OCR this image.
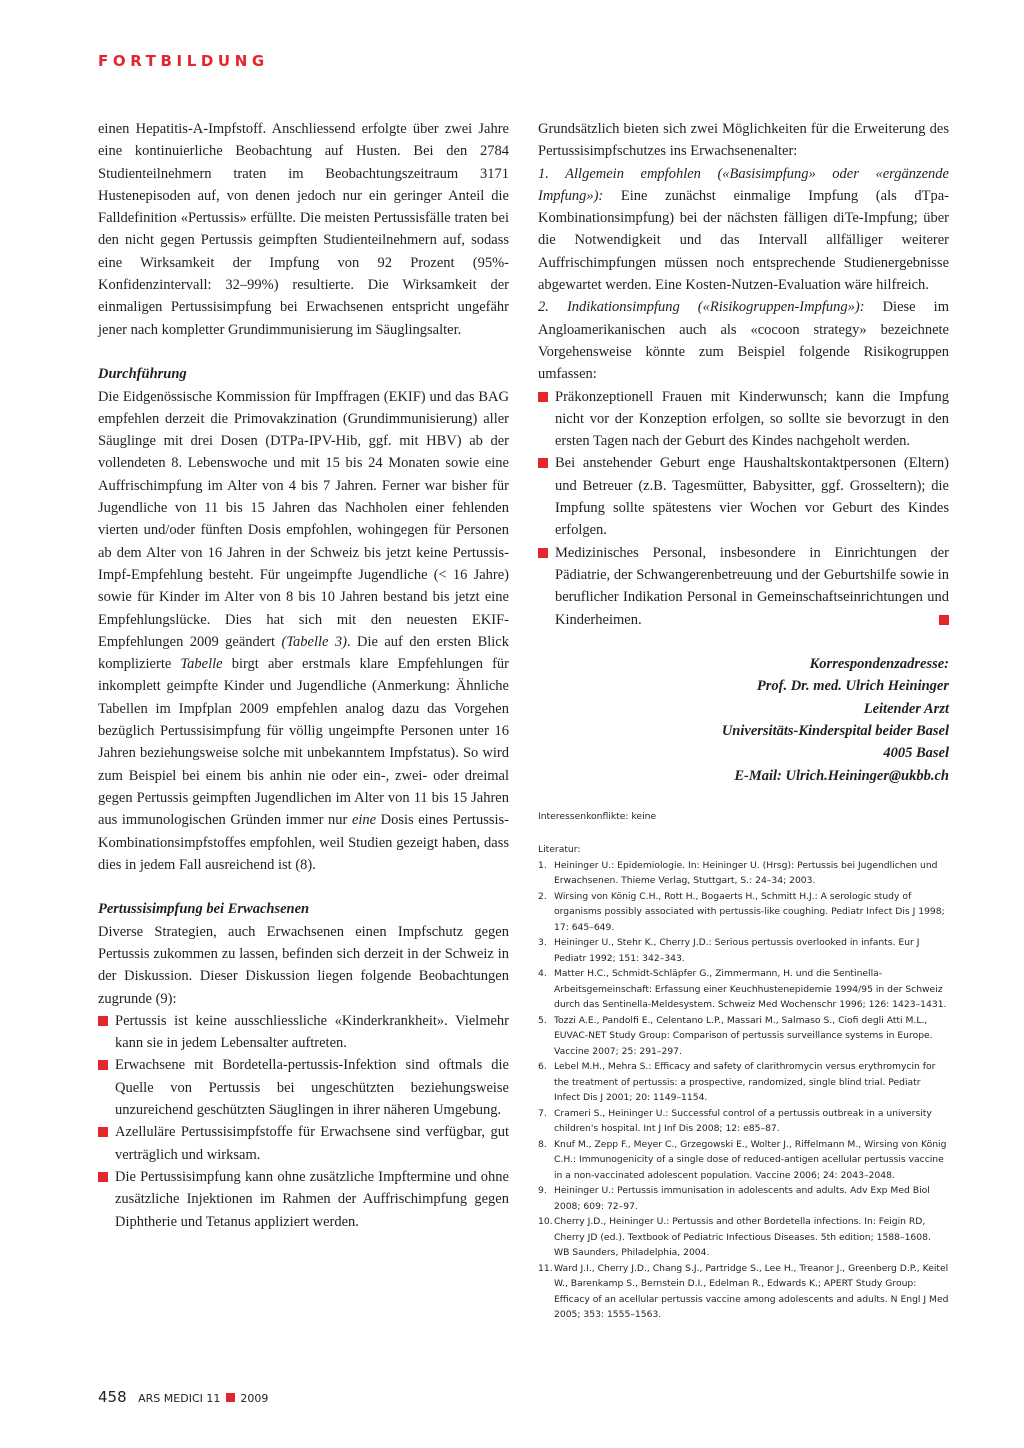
FORTBILDUNG

einen Hepatitis-A-Impfstoff. Anschliessend erfolgte über zwei Jahre eine kontinuierliche Beobachtung auf Husten. Bei den 2784 Studienteilnehmern traten im Beobachtungszeitraum 3171 Hustenepisoden auf, von denen jedoch nur ein geringer Anteil die Falldefinition «Pertussis» erfüllte. Die meisten Pertussisfälle traten bei den nicht gegen Pertussis geimpften Studienteilnehmern auf, sodass eine Wirksamkeit der Impfung von 92 Prozent (95%-Konfidenzintervall: 32–99%) resultierte. Die Wirksamkeit der einmaligen Pertussisimpfung bei Erwachsenen entspricht ungefähr jener nach kompletter Grundimmunisierung im Säuglingsalter.

Durchführung

Die Eidgenössische Kommission für Impffragen (EKIF) und das BAG empfehlen derzeit die Primovakzination (Grundimmunisierung) aller Säuglinge mit drei Dosen (DTPa-IPV-Hib, ggf. mit HBV) ab der vollendeten 8. Lebenswoche und mit 15 bis 24 Monaten sowie eine Auffrischimpfung im Alter von 4 bis 7 Jahren. Ferner war bisher für Jugendliche von 11 bis 15 Jahren das Nachholen einer fehlenden vierten und/oder fünften Dosis empfohlen, wohingegen für Personen ab dem Alter von 16 Jahren in der Schweiz bis jetzt keine Pertussis-Impf-Empfehlung besteht. Für ungeimpfte Jugendliche (< 16 Jahre) sowie für Kinder im Alter von 8 bis 10 Jahren bestand bis jetzt eine Empfehlungslücke. Dies hat sich mit den neuesten EKIF-Empfehlungen 2009 geändert (Tabelle 3). Die auf den ersten Blick komplizierte Tabelle birgt aber erstmals klare Empfehlungen für inkomplett geimpfte Kinder und Jugendliche (Anmerkung: Ähnliche Tabellen im Impfplan 2009 empfehlen analog dazu das Vorgehen bezüglich Pertussisimpfung für völlig ungeimpfte Personen unter 16 Jahren beziehungsweise solche mit unbekanntem Impfstatus). So wird zum Beispiel bei einem bis anhin nie oder ein-, zwei- oder dreimal gegen Pertussis geimpften Jugendlichen im Alter von 11 bis 15 Jahren aus immunologischen Gründen immer nur eine Dosis eines Pertussis-Kombinationsimpfstoffes empfohlen, weil Studien gezeigt haben, dass dies in jedem Fall ausreichend ist (8).

Pertussisimpfung bei Erwachsenen

Diverse Strategien, auch Erwachsenen einen Impfschutz gegen Pertussis zukommen zu lassen, befinden sich derzeit in der Schweiz in der Diskussion. Dieser Diskussion liegen folgende Beobachtungen zugrunde (9):

Pertussis ist keine ausschliessliche «Kinderkrankheit». Vielmehr kann sie in jedem Lebensalter auftreten.
Erwachsene mit Bordetella-pertussis-Infektion sind oftmals die Quelle von Pertussis bei ungeschützten beziehungsweise unzureichend geschützten Säuglingen in ihrer näheren Umgebung.
Azelluläre Pertussisimpfstoffe für Erwachsene sind verfügbar, gut verträglich und wirksam.
Die Pertussisimpfung kann ohne zusätzliche Impftermine und ohne zusätzliche Injektionen im Rahmen der Auffrischimpfung gegen Diphtherie und Tetanus appliziert werden.

Grundsätzlich bieten sich zwei Möglichkeiten für die Erweiterung des Pertussisimpfschutzes ins Erwachsenenalter:

1. Allgemein empfohlen («Basisimpfung» oder «ergänzende Impfung»): Eine zunächst einmalige Impfung (als dTpa-Kombinationsimpfung) bei der nächsten fälligen diTe-Impfung; über die Notwendigkeit und das Intervall allfälliger weiterer Auffrischimpfungen müssen noch entsprechende Studienergebnisse abgewartet werden. Eine Kosten-Nutzen-Evaluation wäre hilfreich.

2. Indikationsimpfung («Risikogruppen-Impfung»): Diese im Angloamerikanischen auch als «cocoon strategy» bezeichnete Vorgehensweise könnte zum Beispiel folgende Risikogruppen umfassen:

Präkonzeptionell Frauen mit Kinderwunsch; kann die Impfung nicht vor der Konzeption erfolgen, so sollte sie bevorzugt in den ersten Tagen nach der Geburt des Kindes nachgeholt werden.
Bei anstehender Geburt enge Haushaltskontaktpersonen (Eltern) und Betreuer (z.B. Tagesmütter, Babysitter, ggf. Grosseltern); die Impfung sollte spätestens vier Wochen vor Geburt des Kindes erfolgen.
Medizinisches Personal, insbesondere in Einrichtungen der Pädiatrie, der Schwangerenbetreuung und der Geburtshilfe sowie in beruflicher Indikation Personal in Gemeinschaftseinrichtungen und Kinderheimen.

Korrespondenzadresse:

Prof. Dr. med. Ulrich Heininger

Leitender Arzt

Universitäts-Kinderspital beider Basel

4005 Basel

E-Mail: Ulrich.Heininger@ukbb.ch

Interessenkonflikte: keine

Literatur:

1. Heininger U.: Epidemiologie. In: Heininger U. (Hrsg): Pertussis bei Jugendlichen und Erwachsenen. Thieme Verlag, Stuttgart, S.: 24–34; 2003.
2. Wirsing von König C.H., Rott H., Bogaerts H., Schmitt H.J.: A serologic study of organisms possibly associated with pertussis-like coughing. Pediatr Infect Dis J 1998; 17: 645–649.
3. Heininger U., Stehr K., Cherry J.D.: Serious pertussis overlooked in infants. Eur J Pediatr 1992; 151: 342–343.
4. Matter H.C., Schmidt-Schläpfer G., Zimmermann, H. und die Sentinella-Arbeitsgemeinschaft: Erfassung einer Keuchhustenepidemie 1994/95 in der Schweiz durch das Sentinella-Meldesystem. Schweiz Med Wochenschr 1996; 126: 1423–1431.
5. Tozzi A.E., Pandolfi E., Celentano L.P., Massari M., Salmaso S., Ciofi degli Atti M.L., EUVAC-NET Study Group: Comparison of pertussis surveillance systems in Europe. Vaccine 2007; 25: 291–297.
6. Lebel M.H., Mehra S.: Efficacy and safety of clarithromycin versus erythromycin for the treatment of pertussis: a prospective, randomized, single blind trial. Pediatr Infect Dis J 2001; 20: 1149–1154.
7. Crameri S., Heininger U.: Successful control of a pertussis outbreak in a university children's hospital. Int J Inf Dis 2008; 12: e85–87.
8. Knuf M., Zepp F., Meyer C., Grzegowski E., Wolter J., Riffelmann M., Wirsing von König C.H.: Immunogenicity of a single dose of reduced-antigen acellular pertussis vaccine in a non-vaccinated adolescent population. Vaccine 2006; 24: 2043–2048.
9. Heininger U.: Pertussis immunisation in adolescents and adults. Adv Exp Med Biol 2008; 609: 72–97.
10. Cherry J.D., Heininger U.: Pertussis and other Bordetella infections. In: Feigin RD, Cherry JD (ed.). Textbook of Pediatric Infectious Diseases. 5th edition; 1588–1608. WB Saunders, Philadelphia, 2004.
11. Ward J.I., Cherry J.D., Chang S.J., Partridge S., Lee H., Treanor J., Greenberg D.P., Keitel W., Barenkamp S., Bernstein D.I., Edelman R., Edwards K.; APERT Study Group: Efficacy of an acellular pertussis vaccine among adolescents and adults. N Engl J Med 2005; 353: 1555–1563.
458 ARS MEDICI 11 2009
